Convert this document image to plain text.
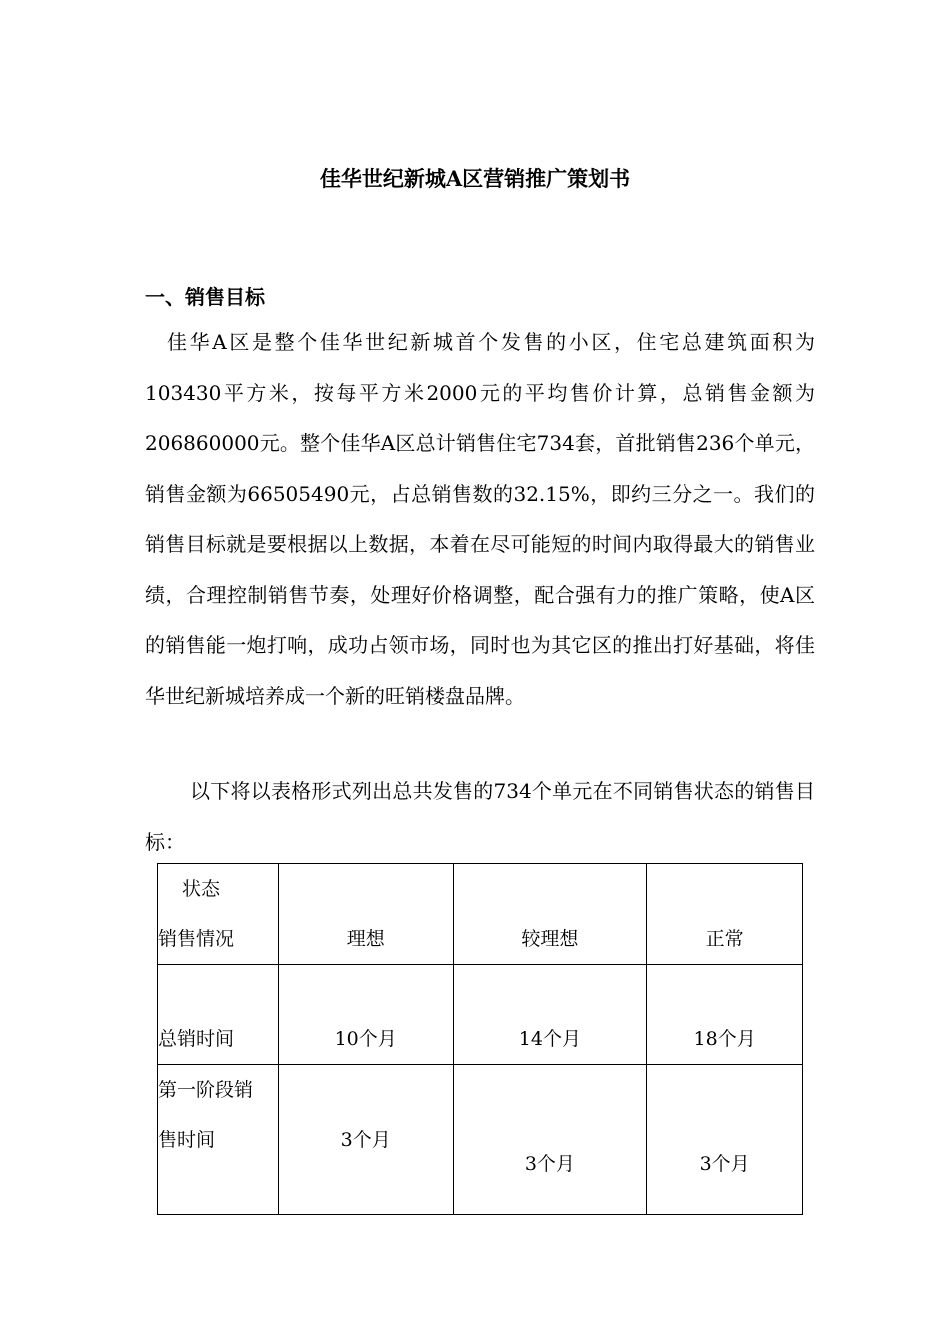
佳华世纪新城A区营销推广策划书
一、销售目标

佳华A区是整个佳华世纪新城首个发售的小区，住宅总建筑面积为103430平方米，按每平方米2000元的平均售价计算，总销售金额为206860000元。整个佳华A区总计销售住宅734套，首批销售236个单元，销售金额为66505490元，占总销售数的32.15%，即约三分之一。我们的销售目标就是要根据以上数据，本着在尽可能短的时间内取得最大的销售业绩，合理控制销售节奏，处理好价格调整，配合强有力的推广策略，使A区的销售能一炮打响，成功占领市场，同时也为其它区的推出打好基础，将佳华世纪新城培养成一个新的旺销楼盘品牌。

以下将以表格形式列出总共发售的734个单元在不同销售状态的销售目标：

状态
销售情况	理想	较理想	正常
总销时间	10个月	14个月	18个月

第一阶段销
售时间	3个月	3个月	3个月
